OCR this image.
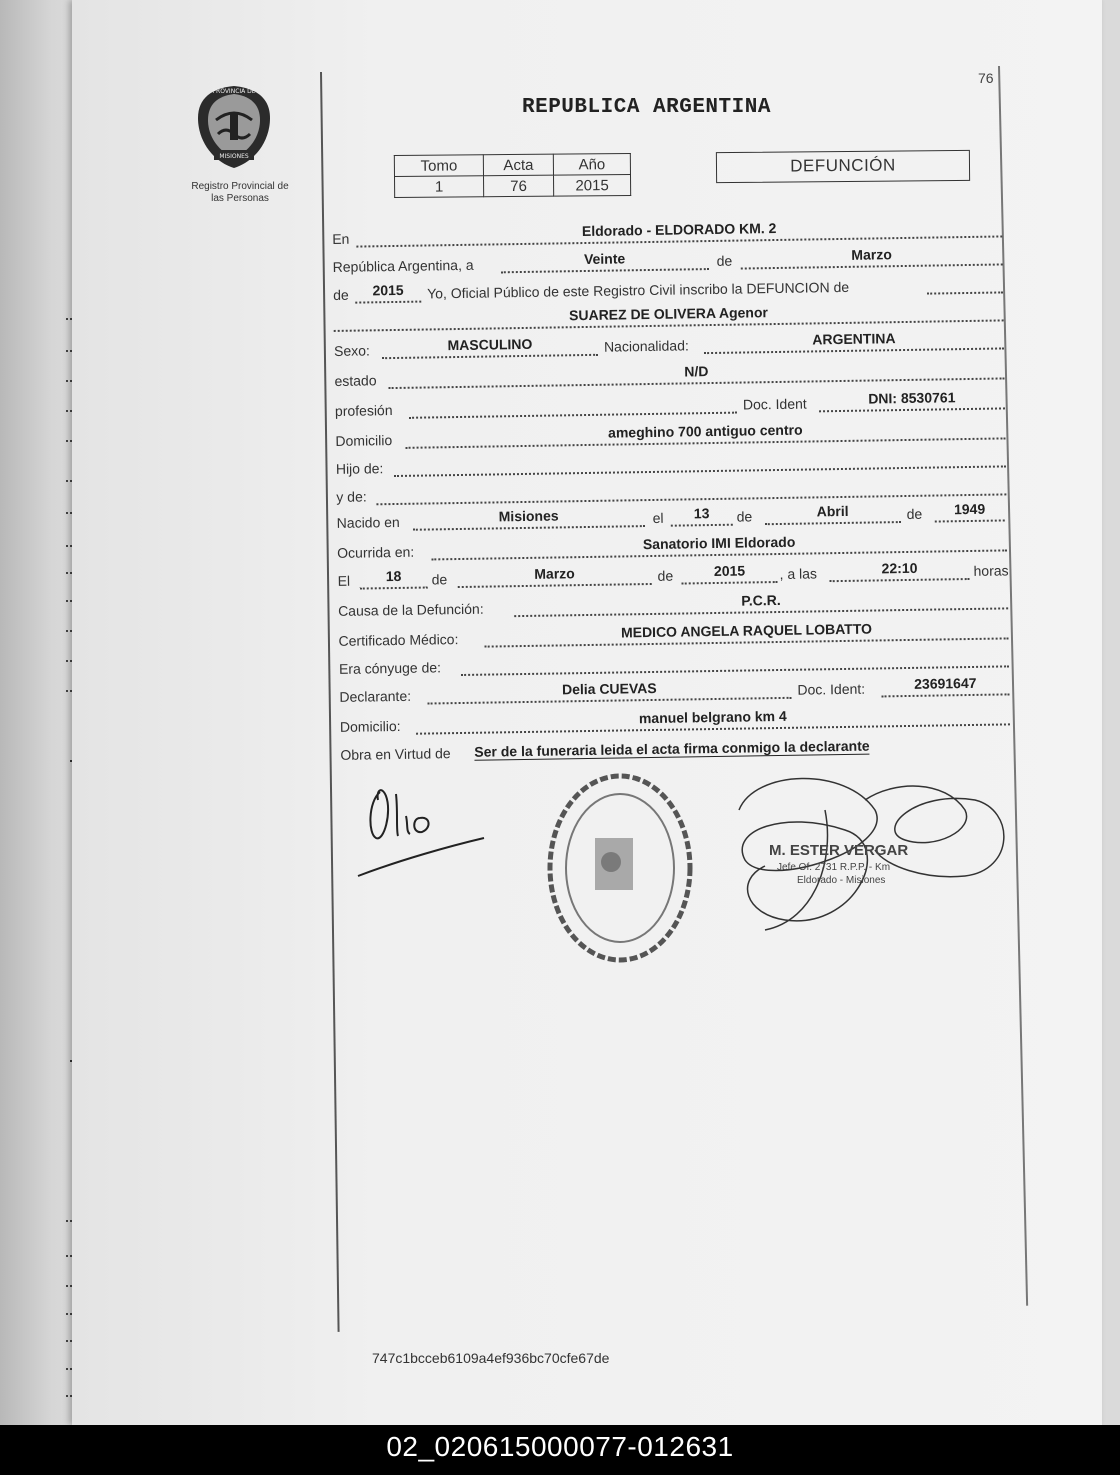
76
PROVINCIA DE
MISIONES
Registro Provincial de
las Personas
REPUBLICA ARGENTINA
Tomo	Acta	Año
1	76	2015
DEFUNCIÓN
En	Eldorado - ELDORADO KM. 2
República Argentina, a	Veinte	de	Marzo
de	2015	Yo, Oficial Público de este Registro Civil inscribo la DEFUNCION de
SUAREZ DE OLIVERA Agenor
Sexo:	MASCULINO	Nacionalidad:	ARGENTINA
estado
N/D
profesión	Doc. Ident	DNI: 8530761
Domicilio	ameghino 700 antiguo centro
Hijo de:
y de:
Nacido en	Misiones	el	13	de	Abril	de	1949
Ocurrida en:
Sanatorio IMI Eldorado
El	18	de	Marzo	de	2015	, a las	22:10	horas
Causa de la Defunción:
P.C.R.
Certificado Médico:	MEDICO ANGELA RAQUEL LOBATTO
Era cónyuge de:
Declarante:	Delia CUEVAS	Doc. Ident:	23691647
Domicilio:
manuel belgrano km 4
Obra en Virtud de Ser de la funeraria leida el acta firma conmigo la declarante
Olio
M. ESTER VERGAR
Jefe Of. 2731 R.P.P. - Km
Eldorado - Misiones
747c1bcceb6109a4ef936bc70cfe67de
02_020615000077-012631
